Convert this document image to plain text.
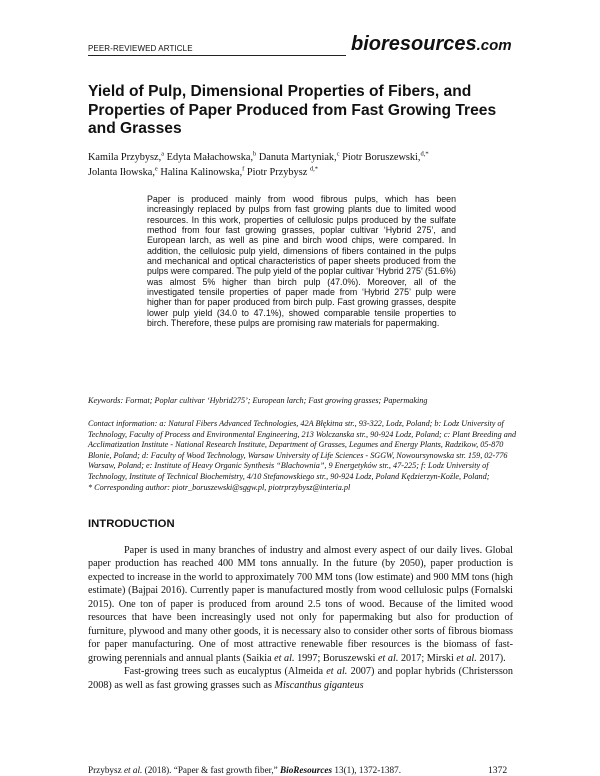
PEER-REVIEWED ARTICLE	bioresources.com
Yield of Pulp, Dimensional Properties of Fibers, and Properties of Paper Produced from Fast Growing Trees and Grasses
Kamila Przybysz,$^a$ Edyta Małachowska,$^b$ Danuta Martyniak,$^c$ Piotr Boruszewski,$^{d,*}$
Jolanta Iłowska,$^e$ Halina Kalinowska,$^f$ Piotr Przybysz $^{d,*}$
Paper is produced mainly from wood fibrous pulps, which has been increasingly replaced by pulps from fast growing plants due to limited wood resources. In this work, properties of cellulosic pulps produced by the sulfate method from four fast growing grasses, poplar cultivar ‘Hybrid 275’, and European larch, as well as pine and birch wood chips, were compared. In addition, the cellulosic pulp yield, dimensions of fibers contained in the pulps and mechanical and optical characteristics of paper sheets produced from the pulps were compared. The pulp yield of the poplar cultivar ‘Hybrid 275’ (51.6%) was almost 5% higher than birch pulp (47.0%). Moreover, all of the investigated tensile properties of paper made from ‘Hybrid 275’ pulp were higher than for paper produced from birch pulp. Fast growing grasses, despite lower pulp yield (34.0 to 47.1%), showed comparable tensile properties to birch. Therefore, these pulps are promising raw materials for papermaking.
Keywords: Format; Poplar cultivar ‘Hybrid275’; European larch; Fast growing grasses; Papermaking
Contact information: a: Natural Fibers Advanced Technologies, 42A Błękitna str., 93-322, Lodz, Poland; b: Lodz University of Technology, Faculty of Process and Environmental Engineering, 213 Wolczanska str., 90-924 Lodz, Poland; c: Plant Breeding and Acclimatization Institute - National Research Institute, Department of Grasses, Legumes and Energy Plants, Radzikow, 05-870 Blonie, Poland; d: Faculty of Wood Technology, Warsaw University of Life Sciences - SGGW, Nowoursynowska str. 159, 02-776 Warsaw, Poland; e: Institute of Heavy Organic Synthesis “Blachownia”, 9 Energetyków str., 47-225; f: Lodz University of Technology, Institute of Technical Biochemistry, 4/10 Stefanowskiego str., 90-924 Lodz, Poland Kędzierzyn-Koźle, Poland;
* Corresponding author: piotr_boruszewski@sggw.pl, piotrprzybysz@interia.pl
INTRODUCTION

Paper is used in many branches of industry and almost every aspect of our daily lives. Global paper production has reached 400 MM tons annually. In the future (by 2050), paper production is expected to increase in the world to approximately 700 MM tons (low estimate) and 900 MM tons (high estimate) (Bajpai 2016). Currently paper is manufactured mostly from wood cellulosic pulps (Fornalski 2015). One ton of paper is produced from around 2.5 tons of wood. Because of the limited wood resources that have been increasingly used not only for papermaking but also for production of furniture, plywood and many other goods, it is necessary also to consider other sorts of fibrous biomass for paper manufacturing. One of most attractive renewable fiber resources is the biomass of fast-growing perennials and annual plants (Saikia et al. 1997; Boruszewski et al. 2017; Mirski et al. 2017).

Fast-growing trees such as eucalyptus (Almeida et al. 2007) and poplar hybrids (Christersson 2008) as well as fast growing grasses such as Miscanthus giganteus

Przybysz et al. (2018). “Paper & fast growth fiber,” BioResources 13(1), 1372-1387.	1372
